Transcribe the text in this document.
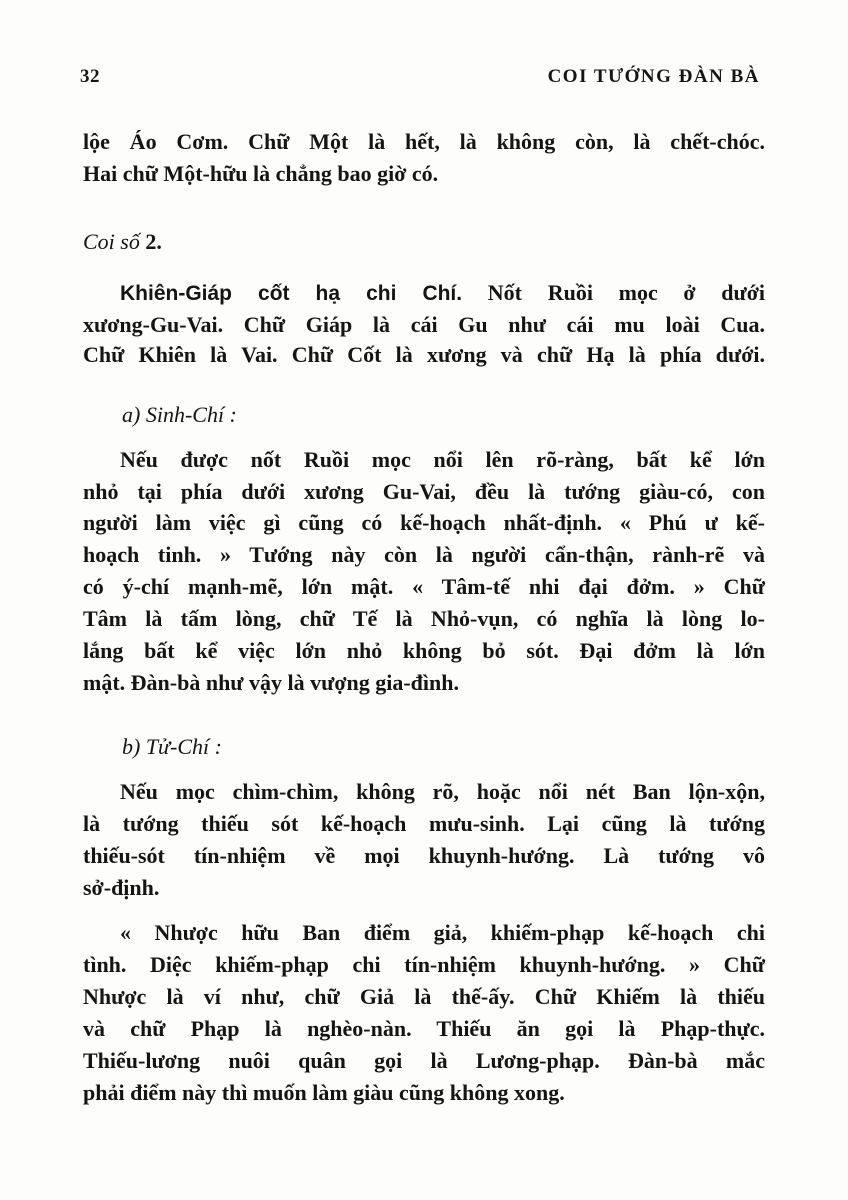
32	COI TƯỚNG ĐÀN BÀ
lộe Áo Cơm. Chữ Một là hết, là không còn, là chết-chóc.
Hai chữ Một-hữu là chẳng bao giờ có.
Coi số 2.
Khiên-Giáp cốt hạ chi Chí. Nốt Ruồi mọc ở dưới
xương-Gu-Vai. Chữ Giáp là cái Gu như cái mu loài Cua.
Chữ Khiên là Vai. Chữ Cốt là xương và chữ Hạ là phía dưới.
a) Sinh-Chí :
Nếu được nốt Ruồi mọc nổi lên rõ-ràng, bất kể lớn
nhỏ tại phía dưới xương Gu-Vai, đều là tướng giàu-có, con
người làm việc gì cũng có kế-hoạch nhất-định. « Phú ư kế-
hoạch tinh. » Tướng này còn là người cẩn-thận, rành-rẽ và
có ý-chí mạnh-mẽ, lớn mật. « Tâm-tế nhi đại đởm. » Chữ
Tâm là tấm lòng, chữ Tế là Nhỏ-vụn, có nghĩa là lòng lo-
lắng bất kể việc lớn nhỏ không bỏ sót. Đại đởm là lớn
mật. Đàn-bà như vậy là vượng gia-đình.
b) Tử-Chí :
Nếu mọc chìm-chìm, không rõ, hoặc nổi nét Ban lộn-xộn,
là tướng thiếu sót kế-hoạch mưu-sinh. Lại cũng là tướng
thiếu-sót tín-nhiệm về mọi khuynh-hướng. Là tướng vô
sở-định.
« Nhược hữu Ban điểm giả, khiếm-phạp kế-hoạch chi
tình. Diệc khiếm-phạp chi tín-nhiệm khuynh-hướng. » Chữ
Nhược là ví như, chữ Giả là thế-ấy. Chữ Khiếm là thiếu
và chữ Phạp là nghèo-nàn. Thiếu ăn gọi là Phạp-thực.
Thiếu-lương nuôi quân gọi là Lương-phạp. Đàn-bà mắc
phải điểm này thì muốn làm giàu cũng không xong.
